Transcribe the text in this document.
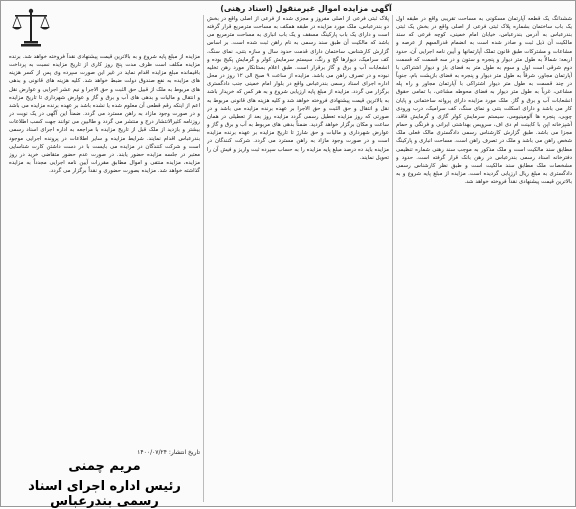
آگهی مزایده اموال غیرمنقول (اسناد رهنی)
ششدانگ یک قطعه آپارتمان مسکونی به مساحت تقریبی واقع در طبقه اول یک باب ساختمان بشماره پلاک ثبتی فرعی از اصلی واقع در بخش یک ثبتی بندرعباس به آدرس بندرعباس، خیابان امام خمینی، کوچه فرعی که سند مالکیت آن ذیل ثبت و صادر شده است به انضمام قدرالسهم از عرصه و مشاعات و مشترکات طبق قانون تملک آپارتمانها و آیین نامه اجرایی آن، حدود اربعه: شمالاً به طول متر دیوار و پنجره و ستون و در سه قسمت که قسمت دوم شرقی است اول و سوم به طول متر به فضای باز و دیوار اشتراکی با آپارتمان مجاور، شرقاً به طول متر دیوار و پنجره به فضای بازپشت بام، جنوباً در چند قسمت به طول متر دیوار اشتراکی با آپارتمان مجاور و راه پله مشاعی، غرباً به طول متر دیوار به فضای محوطه مشاعی، با تمامی حقوق انشعابات آب و برق و گاز. ملک مورد مزایده دارای پروانه ساختمانی و پایان کار می باشد و دارای اسکلت بتنی و نمای سنگ، کف سرامیک، درب ورودی چوبی، پنجره ها آلومینیومی، سیستم سرمایش کولر گازی و گرمایش فاقد، آشپزخانه اپن با کابینت ام دی اف، سرویس بهداشتی ایرانی و فرنگی و حمام مجزا می باشد. طبق گزارش کارشناس رسمی دادگستری مالک فعلی ملک شخص راهن می باشد و ملک در تصرف راهن است. مساحت انباری و پارکینگ مطابق سند مالکیت است و ملک مذکور به موجب سند رهنی شماره تنظیمی دفترخانه اسناد رسمی بندرعباس در رهن بانک قرار گرفته است. حدود و مشخصات ملک مطابق سند مالکیت است و طبق نظر کارشناس رسمی دادگستری به مبلغ ریال ارزیابی گردیده است. مزایده از مبلغ پایه شروع و به بالاترین قیمت پیشنهادی نقداً فروخته خواهد شد.
پلاک ثبتی فرعی از اصلی مفروز و مجزی شده از فرعی از اصلی واقع در بخش دو بندرعباس، ملک مورد مزایده در طبقه همکف به مساحت مترمربع قرار گرفته است و دارای یک باب پارکینگ مسقف و یک باب انباری به مساحت مترمربع می باشد که مالکیت آن طبق سند رسمی به نام راهن ثبت شده است. بر اساس گزارش کارشناس، ساختمان دارای قدمت حدود سال و سازه بتنی، نمای سنگ، کف سرامیک، دیوارها گچ و رنگ، سیستم سرمایش کولر و گرمایش پکیج بوده و انشعابات آب و برق و گاز برقرار است. طبق اعلام بستانکار مورد رهن تخلیه نبوده و در تصرف راهن می باشد. مزایده از ساعت ۹ صبح الی ۱۲ روز در محل اداره اجرای اسناد رسمی بندرعباس واقع در بلوار امام خمینی جنب دادگستری برگزار می گردد. مزایده از مبلغ پایه ارزیابی شروع و به هر کس که خریدار باشد به بالاترین قیمت پیشنهادی فروخته خواهد شد و کلیه هزینه های قانونی مربوط به نقل و انتقال و حق الثبت و حق الاجرا بر عهده برنده مزایده می باشد و در صورتی که روز مزایده تعطیل رسمی گردد مزایده روز بعد از تعطیلی در همان ساعت و مکان برگزار خواهد گردید. ضمناً بدهی های مربوط به آب و برق و گاز و عوارض شهرداری و مالیات و حق شارژ تا تاریخ مزایده بر عهده برنده مزایده است و در صورت وجود مازاد به راهن مسترد می گردد. شرکت کنندگان در مزایده باید ده درصد مبلغ پایه مزایده را به حساب سپرده ثبت واریز و فیش آن را تحویل نمایند.
مزایده از مبلغ پایه شروع و به بالاترین قیمت پیشنهادی نقداً فروخته خواهد شد. برنده مزایده مکلف است ظرف مدت پنج روز کاری از تاریخ مزایده نسبت به پرداخت باقیمانده مبلغ مزایده اقدام نماید در غیر این صورت سپرده وی پس از کسر هزینه های مزایده به نفع صندوق دولت ضبط خواهد شد. کلیه هزینه های قانونی و بدهی های مربوط به ملک از قبیل حق الثبت و حق الاجرا و نیم عشر اجرایی و عوارض نقل و انتقال و مالیات و بدهی های آب و برق و گاز و عوارض شهرداری تا تاریخ مزایده اعم از اینکه رقم قطعی آن معلوم شده یا نشده باشد بر عهده برنده مزایده می باشد و در صورت وجود مازاد به راهن مسترد می گردد. ضمناً این آگهی در یک نوبت در روزنامه کثیرالانتشار درج و منتشر می گردد و طالبین می توانند جهت کسب اطلاعات بیشتر و بازدید از ملک قبل از تاریخ مزایده با مراجعه به اداره اجرای اسناد رسمی بندرعباس اقدام نمایند. شرایط مزایده و سایر اطلاعات در پرونده اجرایی موجود است و شرکت کنندگان در مزایده می بایست با در دست داشتن کارت شناسایی معتبر در جلسه مزایده حضور یابند. در صورت عدم حضور متقاضی خرید در روز مزایده، مزایده منتفی و اموال مطابق مقررات آیین نامه اجرایی مجدداً به مزایده گذاشته خواهد شد. مزایده بصورت حضوری و نقداً برگزار می گردد.
تاریخ انتشار: ۱۴۰۰/۰۷/۲۴
مریم چمنی
رئیس اداره اجرای اسناد رسمی بندرعباس
